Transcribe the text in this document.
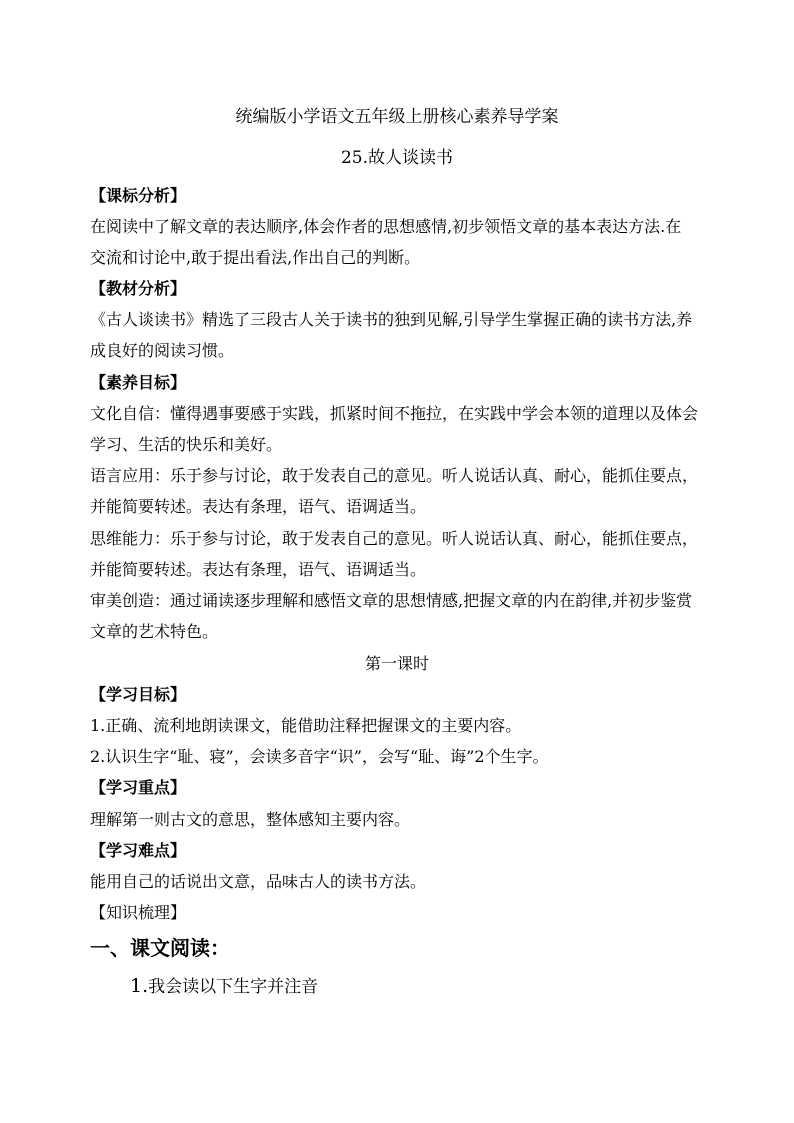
统编版小学语文五年级上册核心素养导学案
25.故人谈读书
【课标分析】
在阅读中了解文章的表达顺序,体会作者的思想感情,初步领悟文章的基本表达方法.在
交流和讨论中,敢于提出看法,作出自己的判断。
【教材分析】
《古人谈读书》精选了三段古人关于读书的独到见解,引导学生掌握正确的读书方法,养
成良好的阅读习惯。
【素养目标】
文化自信：懂得遇事要感于实践，抓紧时间不拖拉，在实践中学会本领的道理以及体会
学习、生活的快乐和美好。
语言应用：乐于参与讨论，敢于发表自己的意见。听人说话认真、耐心，能抓住要点，
并能简要转述。表达有条理，语气、语调适当。
思维能力：乐于参与讨论，敢于发表自己的意见。听人说话认真、耐心，能抓住要点，
并能简要转述。表达有条理，语气、语调适当。
审美创造：通过诵读逐步理解和感悟文章的思想情感,把握文章的内在韵律,并初步鉴赏
文章的艺术特色。
第一课时
【学习目标】
1.正确、流利地朗读课文，能借助注释把握课文的主要内容。
2.认识生字“耻、寝”，会读多音字“识”，会写“耻、诲”2个生字。
【学习重点】
理解第一则古文的意思，整体感知主要内容。
【学习难点】
能用自己的话说出文意，品味古人的读书方法。
【知识梳理】
一、课文阅读：
1.我会读以下生字并注音
